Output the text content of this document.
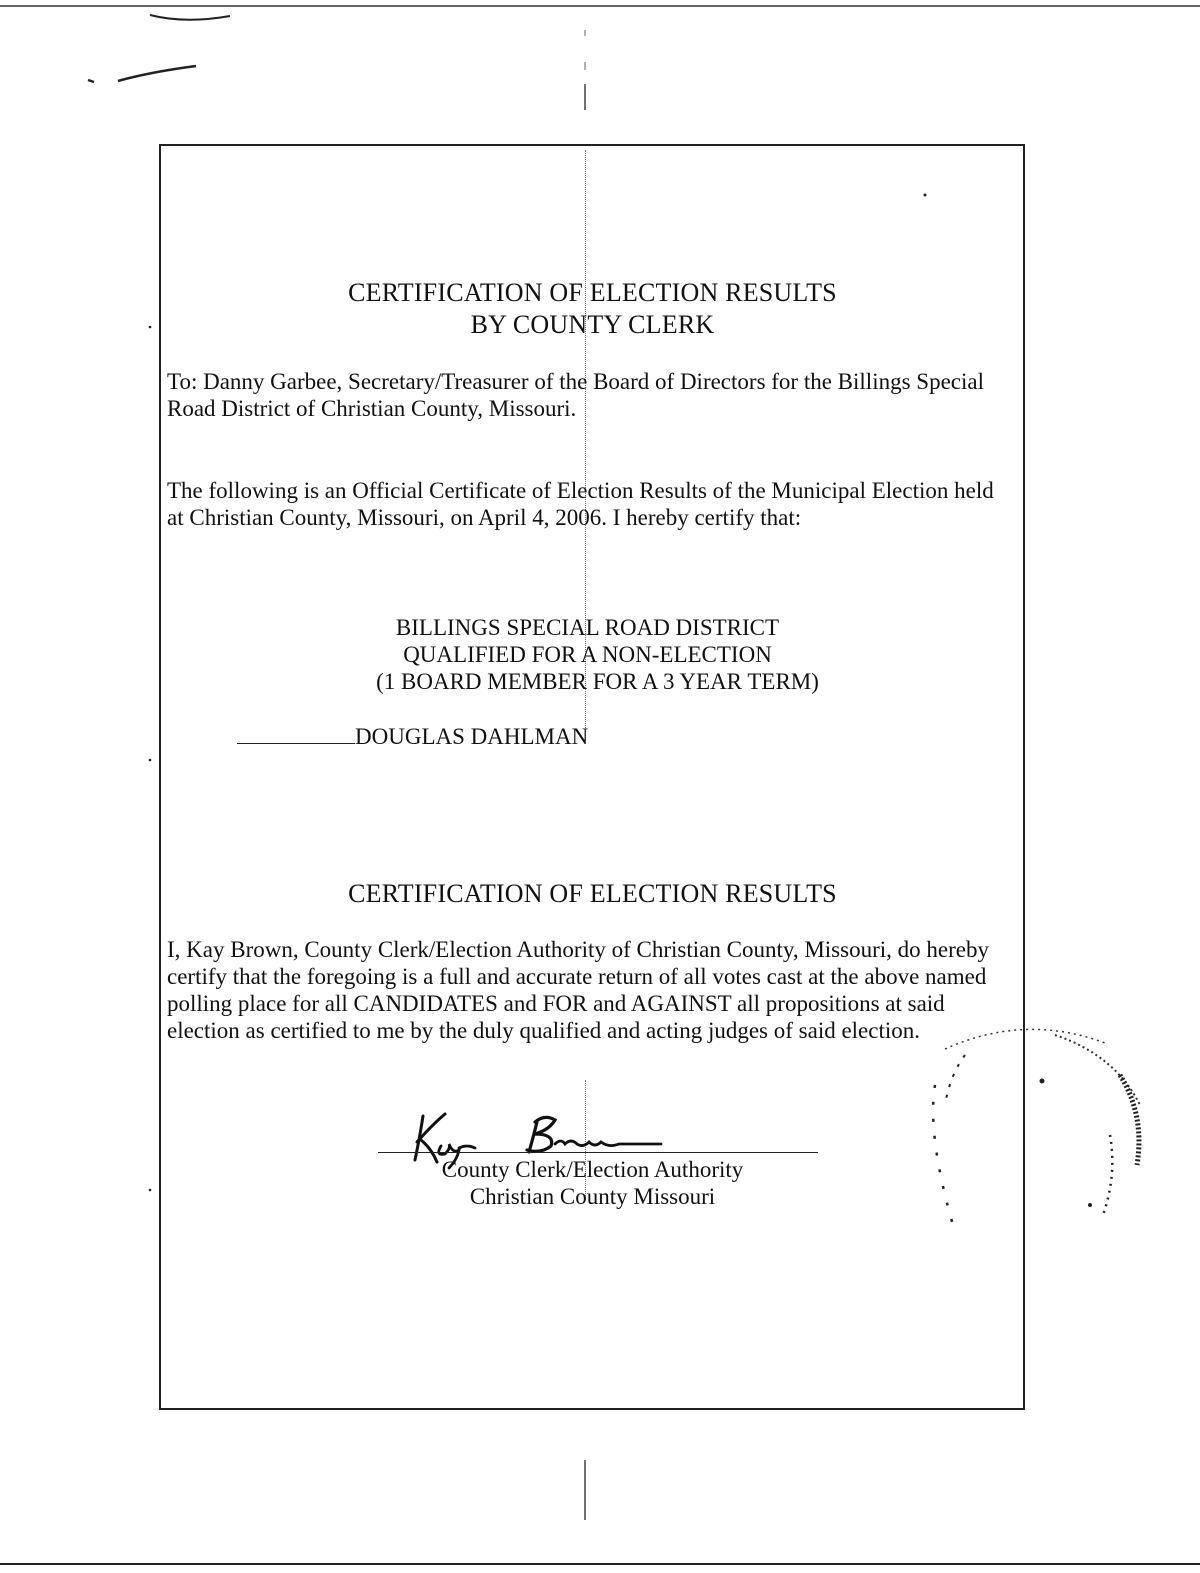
CERTIFICATION OF ELECTION RESULTS
BY COUNTY CLERK
To: Danny Garbee, Secretary/Treasurer of the Board of Directors for the Billings Special
Road District of Christian County, Missouri.
The following is an Official Certificate of Election Results of the Municipal Election held
at Christian County, Missouri, on April 4, 2006. I hereby certify that:
BILLINGS SPECIAL ROAD DISTRICT
QUALIFIED FOR A NON-ELECTION
(1 BOARD MEMBER FOR A 3 YEAR TERM)
DOUGLAS DAHLMAN
CERTIFICATION OF ELECTION RESULTS
I, Kay Brown, County Clerk/Election Authority of Christian County, Missouri, do hereby
certify that the foregoing is a full and accurate return of all votes cast at the above named
polling place for all CANDIDATES and FOR and AGAINST all propositions at said
election as certified to me by the duly qualified and acting judges of said election.
County Clerk/Election Authority
Christian County Missouri
